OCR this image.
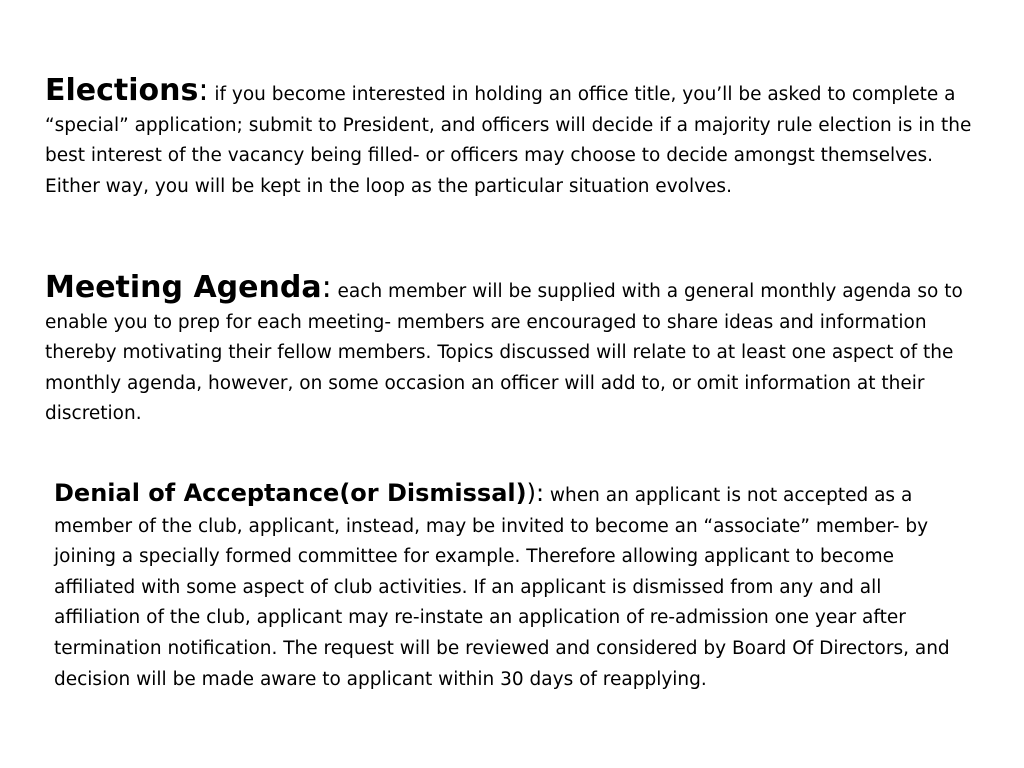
Elections: if you become interested in holding an office title, you’ll be asked to complete a “special” application; submit to President, and officers will decide if a majority rule election is in the best interest of the vacancy being filled- or officers may choose to decide amongst themselves. Either way, you will be kept in the loop as the particular situation evolves.

Meeting Agenda: each member will be supplied with a general monthly agenda so to enable you to prep for each meeting- members are encouraged to share ideas and information thereby motivating their fellow members. Topics discussed will relate to at least one aspect of the monthly agenda, however, on some occasion an officer will add to, or omit information at their discretion.

Denial of Acceptance(or Dismissal)): when an applicant is not accepted as a member of the club, applicant, instead, may be invited to become an “associate” member- by joining a specially formed committee for example. Therefore allowing applicant to become affiliated with some aspect of club activities. If an applicant is dismissed from any and all affiliation of the club, applicant may re-instate an application of re-admission one year after termination notification. The request will be reviewed and considered by Board Of Directors, and decision will be made aware to applicant within 30 days of reapplying.
